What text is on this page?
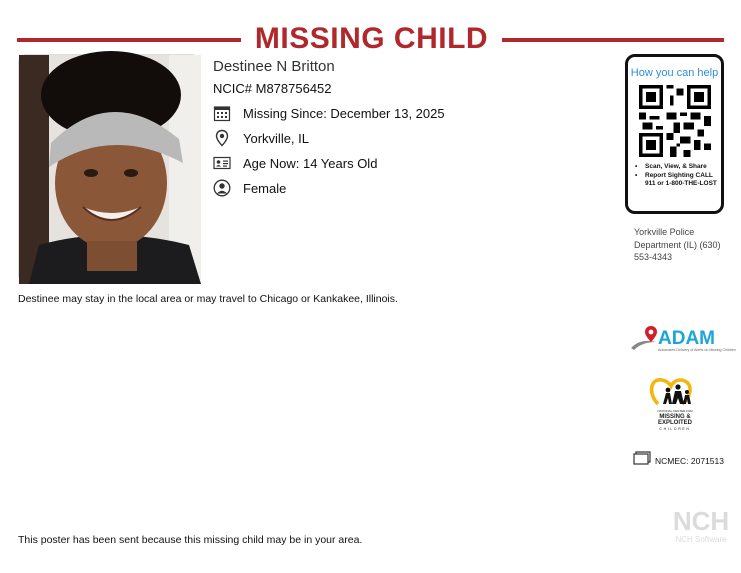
MISSING CHILD
Destinee N Britton
NCIC# M878756452
Missing Since: December 13, 2025
Yorkville, IL
Age Now: 14 Years Old
Female
How you can help
• Scan, View, & Share
• Report Sighting CALL 911 or 1-800-THE-LOST
Yorkville Police Department (IL) (630) 553-4343
Destinee may stay in the local area or may travel to Chicago or Kankakee, Illinois.
ADAM
Automated Delivery of Alerts on Missing Children
NATIONAL CENTER FOR
MISSING &
EXPLOITED
CHILDREN
NCMEC: 2071513
This poster has been sent because this missing child may be in your area.
NCH
NCH Software
